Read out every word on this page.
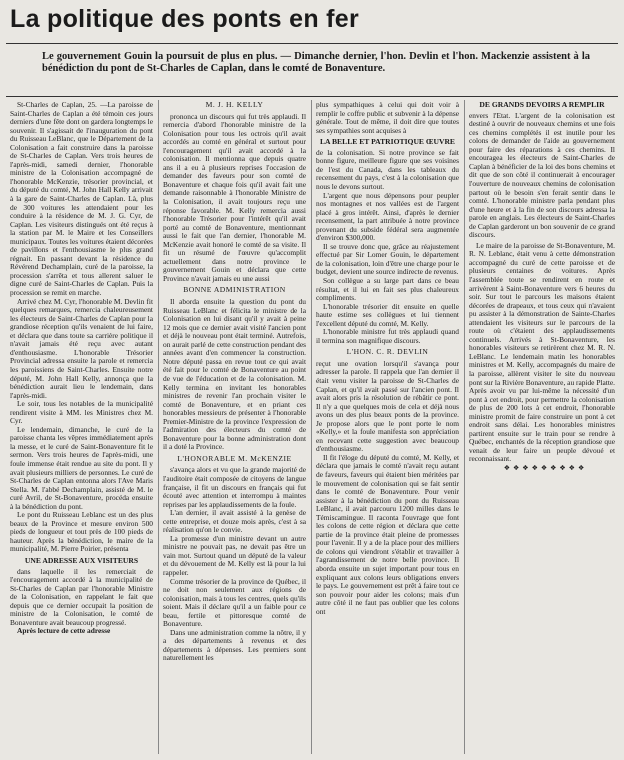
La politique des ponts en fer
Le gouvernement Gouin la poursuit de plus en plus. — Dimanche dernier, l'hon. Devlin et l'hon. Mackenzie assistent à la bénédiction du pont de St-Charles de Caplan, dans le comté de Bonaventure.

St-Charles de Caplan, 25. —La paroisse de Saint-Charles de Caplan a été témoin ces jours derniers d'une fête dont on gardera longtemps le souvenir. Il s'agissait de l'inauguration du pont du Ruisseau LeBlanc, que le Département de la Colonisation a fait construire dans la paroisse de St-Charles de Caplan. Vers trois heures de l'après-midi, samedi dernier, l'honorable ministre de la Colonisation accompagné de l'honorable McKenzie, trésorier provincial, et du député du comté, M. John Hall Kelly arrivait à la gare de Saint-Charles de Caplan. Là, plus de 300 voitures les attendaient pour les conduire à la résidence de M. J. G. Cyr, de Caplan. Les visiteurs distingués ont été reçus à la station par M. le Maire et les Conseillers municipaux. Toutes les voitures étaient décorées de pavillons et l'enthousiasme le plus grand régnait. En passant devant la résidence du Révérend Dechamplain, curé de la paroisse, la procession s'arrêta et tous allerent saluer le digne curé de Saint-Charles de Caplan. Puis la procession se remit en marche.

Arrivé chez M. Cyr, l'honorable M. Devlin fit quelques remarques, remercia chaleureusement les électeurs de Saint-Charles de Caplan pour la grandiose réception qu'ils venaient de lui faire, et déclara que dans toute sa carrière politique il n'avait jamais été reçu avec autant d'enthousiasme. L'honorable Trésorier Provincial adressa ensuite la parole et remercia les paroissiens de Saint-Charles. Ensuite notre député, M. John Hall Kelly, annonça que la bénédiction aurait lieu le lendemain, dans l'après-midi.

Le soir, tous les notables de la municipalité rendirent visite à MM. les Ministres chez M. Cyr.

Le lendemain, dimanche, le curé de la paroisse chanta les vêpres immédiatement après la messe, et le curé de Saint-Bonaventure fit le sermon. Vers trois heures de l'après-midi, une foule immense était rendue au site du pont. Il y avait plusieurs milliers de personnes. Le curé de St-Charles de Caplan entonna alors l'Ave Maris Stella. M. l'abbé Dechamplain, assisté de M. le curé Avril, de St-Bonaventure, procéda ensuite à la bénédiction du pont.

Le pont du Ruisseau Leblanc est un des plus beaux de la Province et mesure environ 500 pieds de longueur et tout près de 100 pieds de hauteur. Après la bénédiction, le maire de la municipalité, M. Pierre Poirier, présenta

UNE ADRESSE AUX VISITEURS

dans laquelle il les remerciait de l'encouragement accordé à la municipalité de St-Charles de Caplan par l'honorable Ministre de la Colonisation, en rappelant le fait que depuis que ce dernier occupait la position de ministre de la Colonisation, le comté de Bonaventure avait beaucoup progressé.

Après lecture de cette adresse

M. J. H. KELLY

prononca un discours qui fut très applaudi. Il remercia d'abord l'honorable ministre de la Colonisation pour tous les octrois qu'il avait accordés au comté en général et surtout pour l'encouragement qu'il avait accordé à la colonisation. Il mentionna que depuis quatre ans il a eu à plusieurs reprises l'occasion de demander des faveurs pour son comté de Bonaventure et chaque fois qu'il avait fait une demande raisonnable à l'honorable Ministre de la Colonisation, il avait toujours reçu une réponse favorable. M. Kelly remercia aussi l'honorable Trésorier pour l'intérêt qu'il avait porté au comté de Bonaventure, mentionnant aussi le fait que l'an dernier, l'honorable M. McKenzie avait honoré le comté de sa visite. Il fit un résumé de l'œuvre qu'accomplit actuellement dans notre province le gouvernement Gouin et déclara que cette Province n'avait jamais eu une aussi

BONNE ADMINISTRATION

Il aborda ensuite la question du pont du Ruisseau LeBlanc et félicita le ministre de la Colonisation en lui disant qu'il y avait à peine 12 mois que ce dernier avait visité l'ancien pont et déjà le nouveau pont était terminé. Autrefois, on aurait parlé de cette construction pendant des années avant d'en commencer la construction. Notre député passa en revue tout ce qui avait été fait pour le comté de Bonaventure au point de vue de l'éducation et de la colonisation. M. Kelly termina en invitant les honorables ministres de revenir l'an prochain visiter le comté de Bonaventure, et en priant ces honorables messieurs de présenter à l'honorable Premier-Ministre de la province l'expression de l'admiration des électeurs du comté de Bonaventure pour la bonne administration dont il a doté la Province.

L'HONORABLE M. McKENZIE

s'avança alors et vu que la grande majorité de l'auditoire était composée de citoyens de langue française, il fit un discours en français qui fut écouté avec attention et interrompu à maintes reprises par les applaudissements de la foule.

L'an dernier, il avait assisté à la genèse de cette entreprise, et douze mois après, c'est à sa réalisation qu'on le convie.

La promesse d'un ministre devant un autre ministre ne pouvait pas, ne devait pas être un vain mot. Surtout quand un député de la valeur et du dévouement de M. Kelly est là pour la lui rappeler.

Comme trésorier de la province de Québec, il ne doit non seulement aux régions de colonisation, mais à tous les centres, quels qu'ils soient. Mais il déclare qu'il a un faible pour ce beau, fertile et pittoresque comté de Bonaventure.

Dans une administration comme la nôtre, il y a des départements à revenus et des départements à dépenses. Les premiers sont naturellement les

plus sympathiques à celui qui doit voir à remplir le coffre public et subvenir à la dépense générale. Tout de même, il doit dire que toutes ses sympathies sont acquises à

LA BELLE ET PATRIOTIQUE ŒUVRE

de la colonisation. Si notre province se fait bonne figure, meilleure figure que ses voisines de l'est du Canada, dans les tableaux du recensement du pays, c'est à la colonisation que nous le devons surtout.

L'argent que nous dépensons pour peupler nos montagnes et nos vallées est de l'argent placé à gros intérêt. Ainsi, d'après le dernier recensement, la part attribuée à notre province provenant du subside fédéral sera augmentée d'environ $300,000.

Il se trouve donc que, grâce au réajustement effectué par Sir Lomer Gouin, le département de la colonisation, loin d'être une charge pour le budget, devient une source indirecte de revenus.

Son collègue a su large part dans ce beau résultat, et il lui en fait ses plus chaleureux compliments.

L'honorable trésorier dit ensuite en quelle haute estime ses collègues et lui tiennent l'excellent député du comté, M. Kelly.

L'honorable ministre fut très applaudi quand il termina son magnifique discours.

L'HON. C. R. DEVLIN

reçut une ovation lorsqu'il s'avança pour adresser la parole. Il rappela que l'an dernier il était venu visiter la paroisse de St-Charles de Caplan, et qu'il avait passé sur l'ancien pont. Il avait alors pris la résolution de rébâtir ce pont. Il n'y a que quelques mois de cela et déjà nous avons un des plus beaux ponts de la province. Je propose alors que le pont porte le nom «Kelly,» et la foule manifesta son appréciation en recevant cette suggestion avec beaucoup d'enthousiasme.

Il fit l'éloge du député du comté, M. Kelly, et déclara que jamais le comté n'avait reçu autant de faveurs, faveurs qui étaient bien méritées par le mouvement de colonisation qui se fait sentir dans le comté de Bonaventure. Pour venir assister à la bénédiction du pont du Ruisseau LeBlanc, il avait parcouru 1200 milles dans le Témiscamingue. Il raconta l'ouvrage que font les colons de cette région et déclara que cette partie de la province était pleine de promesses pour l'avenir. Il y a de la place pour des milliers de colons qui viendront s'établir et travailler à l'agrandissement de notre belle province. Il aborda ensuite un sujet important pour tous en expliquant aux colons leurs obligations envers le pays. Le gouvernement est prêt à faire tout ce son pouvoir pour aider les colons; mais d'un autre côté il ne faut pas oublier que les colons ont

DE GRANDS DEVOIRS A REMPLIR

envers l'Etat. L'argent de la colonisation est destiné à ouvrir de nouveaux chemins et une fois ces chemins complétés il est inutile pour les colons de demander de l'aide au gouvernement pour faire des réparations à ces chemins. Il encouragea les électeurs de Saint-Charles de Caplan à bénéficier de la loi des bons chemins et dit que de son côté il continuerait à encourager l'ouverture de nouveaux chemins de colonisation partout où le besoin s'en ferait sentir dans le comté. L'honorable ministre parla pendant plus d'une heure et à la fin de son discours adressa la parole en anglais. Les électeurs de Saint-Charles de Caplan garderont un bon souvenir de ce grand discours.

Le maire de la paroisse de St-Bonaventure, M. R. N. Leblanc, était venu à cette démonstration accompagné du curé de cette paroisse et de plusieurs centaines de voitures. Après l'assemblée toute se rendirent en route et arrivèrent à Saint-Bonaventure vers 6 heures du soir. Sur tout le parcours les maisons étaient décorées de drapeaux, et tous ceux qui n'avaient pu assister à la démonstration de Sainte-Charles attendaient les visiteurs sur le parcours de la route où c'étaient des applaudissements continuels. Arrivés à St-Bonaventure, les honorables visiteurs se retirèrent chez M. R. N. LeBlanc. Le lendemain matin les honorables ministres et M. Kelly, accompagnés du maire de la paroisse, allèrent visiter le site du nouveau pont sur la Rivière Bonaventure, au rapide Platte. Après avoir vu par lui-même la nécessité d'un pont à cet endroit, pour permettre la colonisation de plus de 200 lots à cet endroit, l'honorable ministre promit de faire construire un pont à cet endroit sans délai. Les honorables ministres partirent ensuite sur le train pour se rendre à Québec, enchantés de la réception grandiose que venait de leur faire un peuple dévoué et reconnaissant.

❖❖❖❖❖❖❖❖❖
